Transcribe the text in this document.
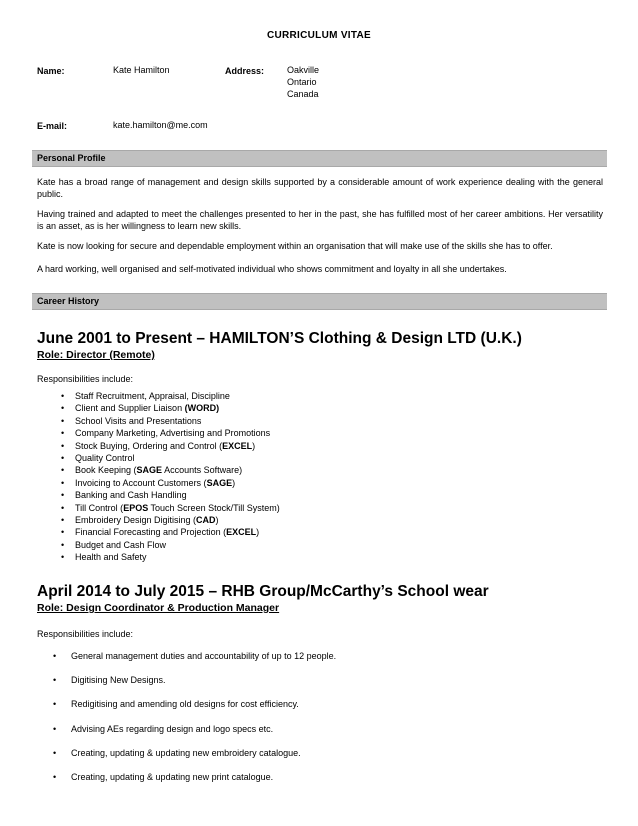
CURRICULUM VITAE
Name:	Kate Hamilton	Address:	Oakville
Ontario
Canada
E-mail:	kate.hamilton@me.com
Personal Profile
Kate has a broad range of management and design skills supported by a considerable amount of work experience dealing with the general public.
Having trained and adapted to meet the challenges presented to her in the past, she has fulfilled most of her career ambitions. Her versatility is an asset, as is her willingness to learn new skills.
Kate is now looking for secure and dependable employment within an organisation that will make use of the skills she has to offer.
A hard working, well organised and self-motivated individual who shows commitment and loyalty in all she undertakes.
Career History
June 2001 to Present – HAMILTON’S Clothing & Design LTD (U.K.)
Role: Director (Remote)
Responsibilities include:
• Staff Recruitment, Appraisal, Discipline
• Client and Supplier Liaison (WORD)
• School Visits and Presentations
• Company Marketing, Advertising and Promotions
• Stock Buying, Ordering and Control (EXCEL)
• Quality Control
• Book Keeping (SAGE Accounts Software)
• Invoicing to Account Customers (SAGE)
• Banking and Cash Handling
• Till Control (EPOS Touch Screen Stock/Till System)
• Embroidery Design Digitising (CAD)
• Financial Forecasting and Projection (EXCEL)
• Budget and Cash Flow
• Health and Safety
April 2014 to July 2015 – RHB Group/McCarthy’s School wear
Role: Design Coordinator & Production Manager
Responsibilities include:
• General management duties and accountability of up to 12 people.
• Digitising New Designs.
• Redigitising and amending old designs for cost efficiency.
• Advising AEs regarding design and logo specs etc.
• Creating, updating & updating new embroidery catalogue.
• Creating, updating & updating new print catalogue.
